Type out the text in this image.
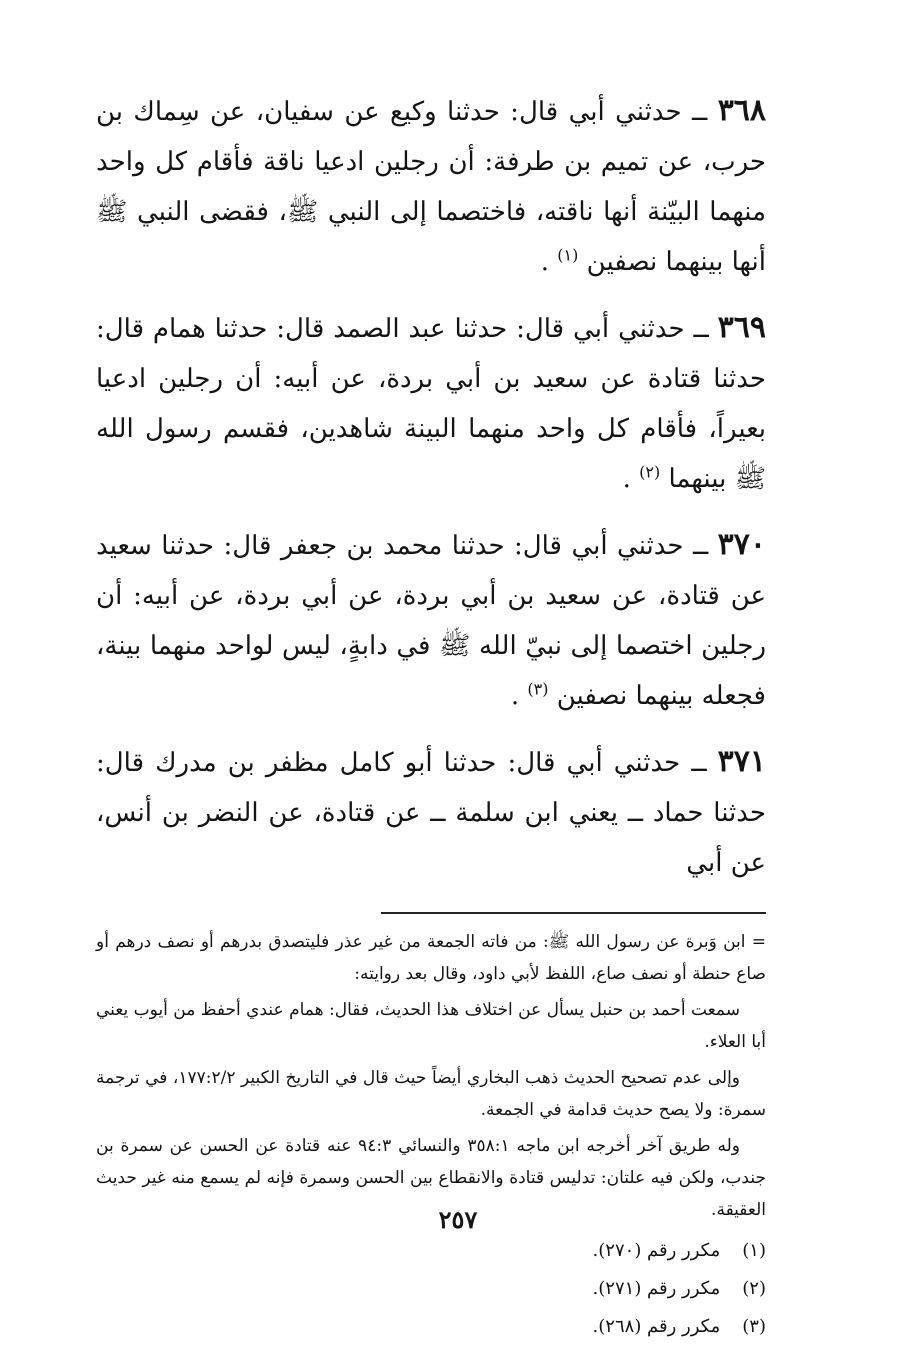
٣٦٨ ــ حدثني أبي قال: حدثنا وكيع عن سفيان، عن سِماك بن حرب، عن تميم بن طرفة: أن رجلين ادعيا ناقة فأقام كل واحد منهما البيّنة أنها ناقته، فاختصما إلى النبي ﷺ، فقضى النبي ﷺ أنها بينهما نصفين $^{(١)}$ .
٣٦٩ ــ حدثني أبي قال: حدثنا عبد الصمد قال: حدثنا همام قال: حدثنا قتادة عن سعيد بن أبي بردة، عن أبيه: أن رجلين ادعيا بعيراً، فأقام كل واحد منهما البينة شاهدين، فقسم رسول الله ﷺ بينهما $^{(٢)}$ .
٣٧٠ ــ حدثني أبي قال: حدثنا محمد بن جعفر قال: حدثنا سعيد عن قتادة، عن سعيد بن أبي بردة، عن أبي بردة، عن أبيه: أن رجلين اختصما إلى نبيّ الله ﷺ في دابةٍ، ليس لواحد منهما بينة، فجعله بينهما نصفين $^{(٣)}$ .
٣٧١ ــ حدثني أبي قال: حدثنا أبو كامل مظفر بن مدرك قال: حدثنا حماد ــ يعني ابن سلمة ــ عن قتادة، عن النضر بن أنس، عن أبي

= ابن وَبرة عن رسول الله ﷺ: من فاته الجمعة من غير عذر فليتصدق بدرهم أو نصف درهم أو صاع حنطة أو نصف صاع، اللفظ لأبي داود، وقال بعد روايته:

سمعت أحمد بن حنبل يسأل عن اختلاف هذا الحديث، فقال: همام عندي أحفظ من أيوب يعني أبا العلاء.

وإلى عدم تصحيح الحديث ذهب البخاري أيضاً حيث قال في التاريخ الكبير ١٧٧:٢/٢، في ترجمة سمرة: ولا يصح حديث قدامة في الجمعة.

وله طريق آخر أخرجه ابن ماجه ٣٥٨:١ والنسائي ٩٤:٣ عنه قتادة عن الحسن عن سمرة بن جندب، ولكن فيه علتان: تدليس قتادة والانقطاع بين الحسن وسمرة فإنه لم يسمع منه غير حديث العقيقة.

(١) مكرر رقم (٢٧٠).
(٢) مكرر رقم (٢٧١).
(٣) مكرر رقم (٢٦٨).
٢٥٧
